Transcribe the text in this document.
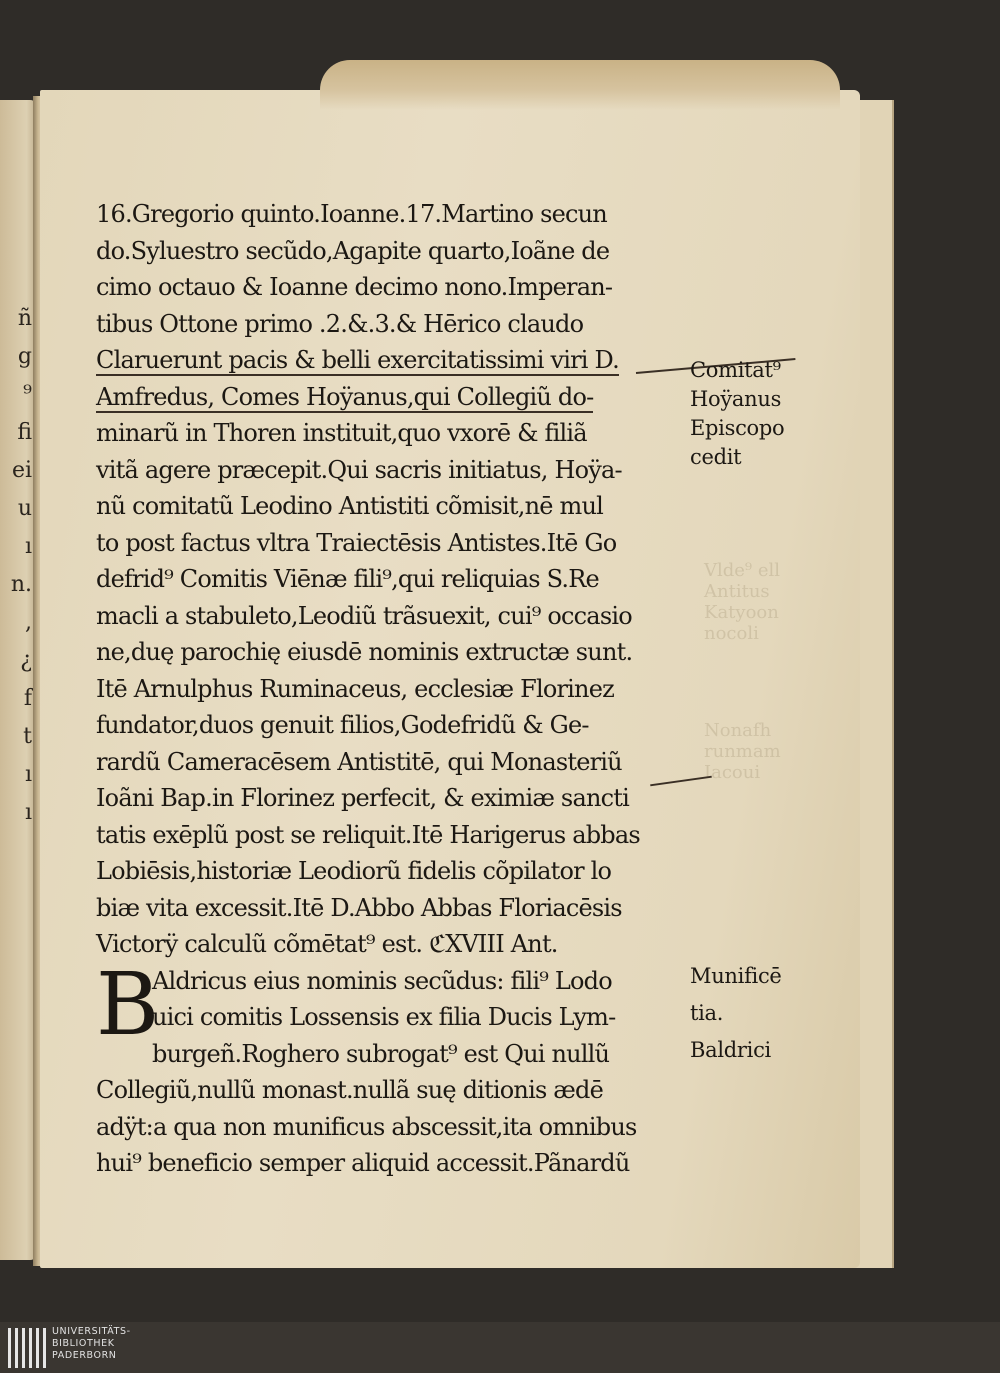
ñ
g
⁹
fi
ei
u
ı
n.
,
¿
f
t
ı
ı
Vlde⁹ ell
Antitus
Katyoon
nocoli
Nonafh
runmam
Iacoui
16.Gregorio quinto.Ioanne.17.Martino secun
do.Syluestro secũdo,Agapite quarto,Ioãne de
cimo octauo & Ioanne decimo nono.Imperan-
tibus Ottone primo .2.&.3.& Hērico claudo
Claruerunt pacis & belli exercitatissimi viri D.
Amfredus, Comes Hoÿanus,qui Collegiũ do-
minarũ in Thoren instituit,quo vxorē & filiã
vitã agere præcepit.Qui sacris initiatus, Hoÿa-
nũ comitatũ Leodino Antistiti cõmisit,nē mul
to post factus vltra Traiectēsis Antistes.Itē Go
defrid⁹ Comitis Viēnæ fili⁹,qui reliquias S.Re
macli a stabuleto,Leodiũ trãsuexit, cui⁹ occasio
ne,duę parochię eiusdē nominis extructæ sunt.
Itē Arnulphus Ruminaceus, ecclesiæ Florinez
fundator,duos genuit filios,Godefridũ & Ge-
rardũ Cameracēsem Antistitē, qui Monasteriũ
Ioãni Bap.in Florinez perfecit, & eximiæ sancti
tatis exēplũ post se reliquit.Itē Harigerus abbas
Lobiēsis,historiæ Leodiorũ fidelis cõpilator lo
biæ vita excessit.Itē D.Abbo Abbas Floriacēsis
Victorÿ calculũ cõmētat⁹ est. ℭXVIII Ant.
B
Aldricus eius nominis secũdus: fili⁹ Lodo
uici comitis Lossensis ex filia Ducis Lym-
burgeñ.Roghero subrogat⁹ est Qui nullũ
Collegiũ,nullũ monast.nullã suę ditionis ædē
adÿt:a qua non munificus abscessit,ita omnibus
hui⁹ beneficio semper aliquid accessit.Pãnardũ
Comitat⁹
Hoÿanus
Episcopo
cedit
Munificē
tia.
Baldrici
UNIVERSITÄTS-
BIBLIOTHEK
PADERBORN
